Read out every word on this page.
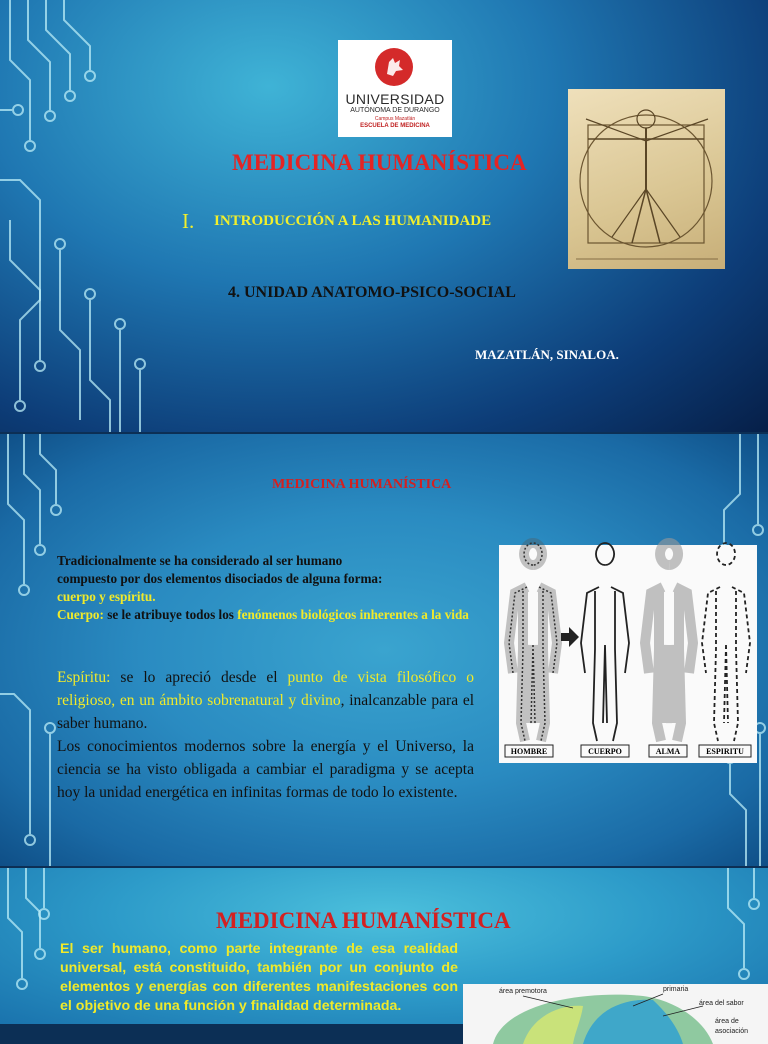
UNIVERSIDAD
AUTÓNOMA DE DURANGO
Campus Mazatlán
ESCUELA DE MEDICINA
MEDICINA HUMANÍSTICA
I. INTRODUCCIÓN A LAS HUMANIDADE
4. UNIDAD ANATOMO-PSICO-SOCIAL
MAZATLÁN, SINALOA.
MEDICINA HUMANÍSTICA
Tradicionalmente se ha considerado al ser humano
compuesto por dos elementos disociados de alguna forma:
cuerpo y espíritu.
Cuerpo: se le atribuye todos los fenómenos biológicos inherentes a la vida
Espíritu: se lo apreció desde el punto de vista filosófico o religioso, en un ámbito sobrenatural y divino, inalcanzable para el saber humano.
Los conocimientos modernos sobre la energía y el Universo, la ciencia se ha visto obligada a cambiar el paradigma y se acepta hoy la unidad energética en infinitas formas de todo lo existente.
HOMBRE	CUERPO	ALMA	ESPIRITU
MEDICINA HUMANÍSTICA
El ser humano, como parte integrante de esa realidad universal, está constituido, también por un conjunto de elementos y energías con diferentes manifestaciones con el objetivo de una función y finalidad determinada.
área premotora	primaria
área del sabor
área de
asociación
